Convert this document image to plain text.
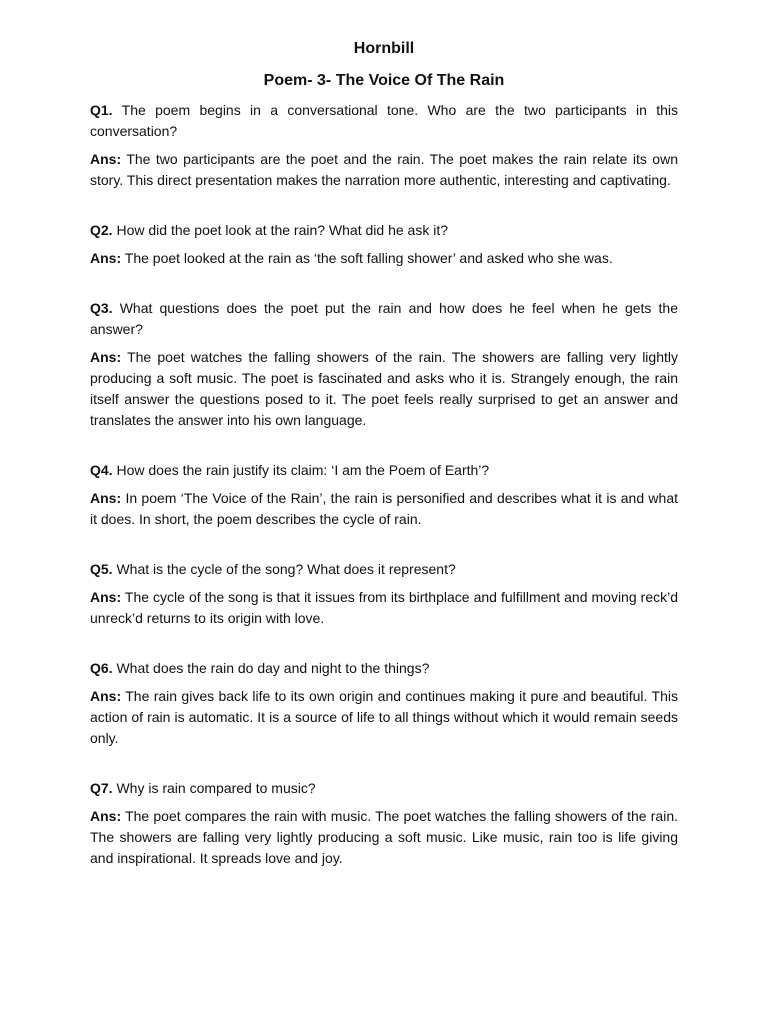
Hornbill
Poem- 3- The Voice Of The Rain

Q1. The poem begins in a conversational tone. Who are the two participants in this conversation?

Ans: The two participants are the poet and the rain. The poet makes the rain relate its own story. This direct presentation makes the narration more authentic, interesting and captivating.

Q2. How did the poet look at the rain? What did he ask it?

Ans: The poet looked at the rain as ‘the soft falling shower’ and asked who she was.

Q3. What questions does the poet put the rain and how does he feel when he gets the answer?

Ans: The poet watches the falling showers of the rain. The showers are falling very lightly producing a soft music. The poet is fascinated and asks who it is. Strangely enough, the rain itself answer the questions posed to it. The poet feels really surprised to get an answer and translates the answer into his own language.

Q4. How does the rain justify its claim: ‘I am the Poem of Earth’?

Ans: In poem ‘The Voice of the Rain’, the rain is personified and describes what it is and what it does. In short, the poem describes the cycle of rain.

Q5. What is the cycle of the song? What does it represent?

Ans: The cycle of the song is that it issues from its birthplace and fulfillment and moving reck’d unreck’d returns to its origin with love.

Q6. What does the rain do day and night to the things?

Ans: The rain gives back life to its own origin and continues making it pure and beautiful. This action of rain is automatic. It is a source of life to all things without which it would remain seeds only.

Q7. Why is rain compared to music?

Ans: The poet compares the rain with music. The poet watches the falling showers of the rain. The showers are falling very lightly producing a soft music. Like music, rain too is life giving and inspirational. It spreads love and joy.
